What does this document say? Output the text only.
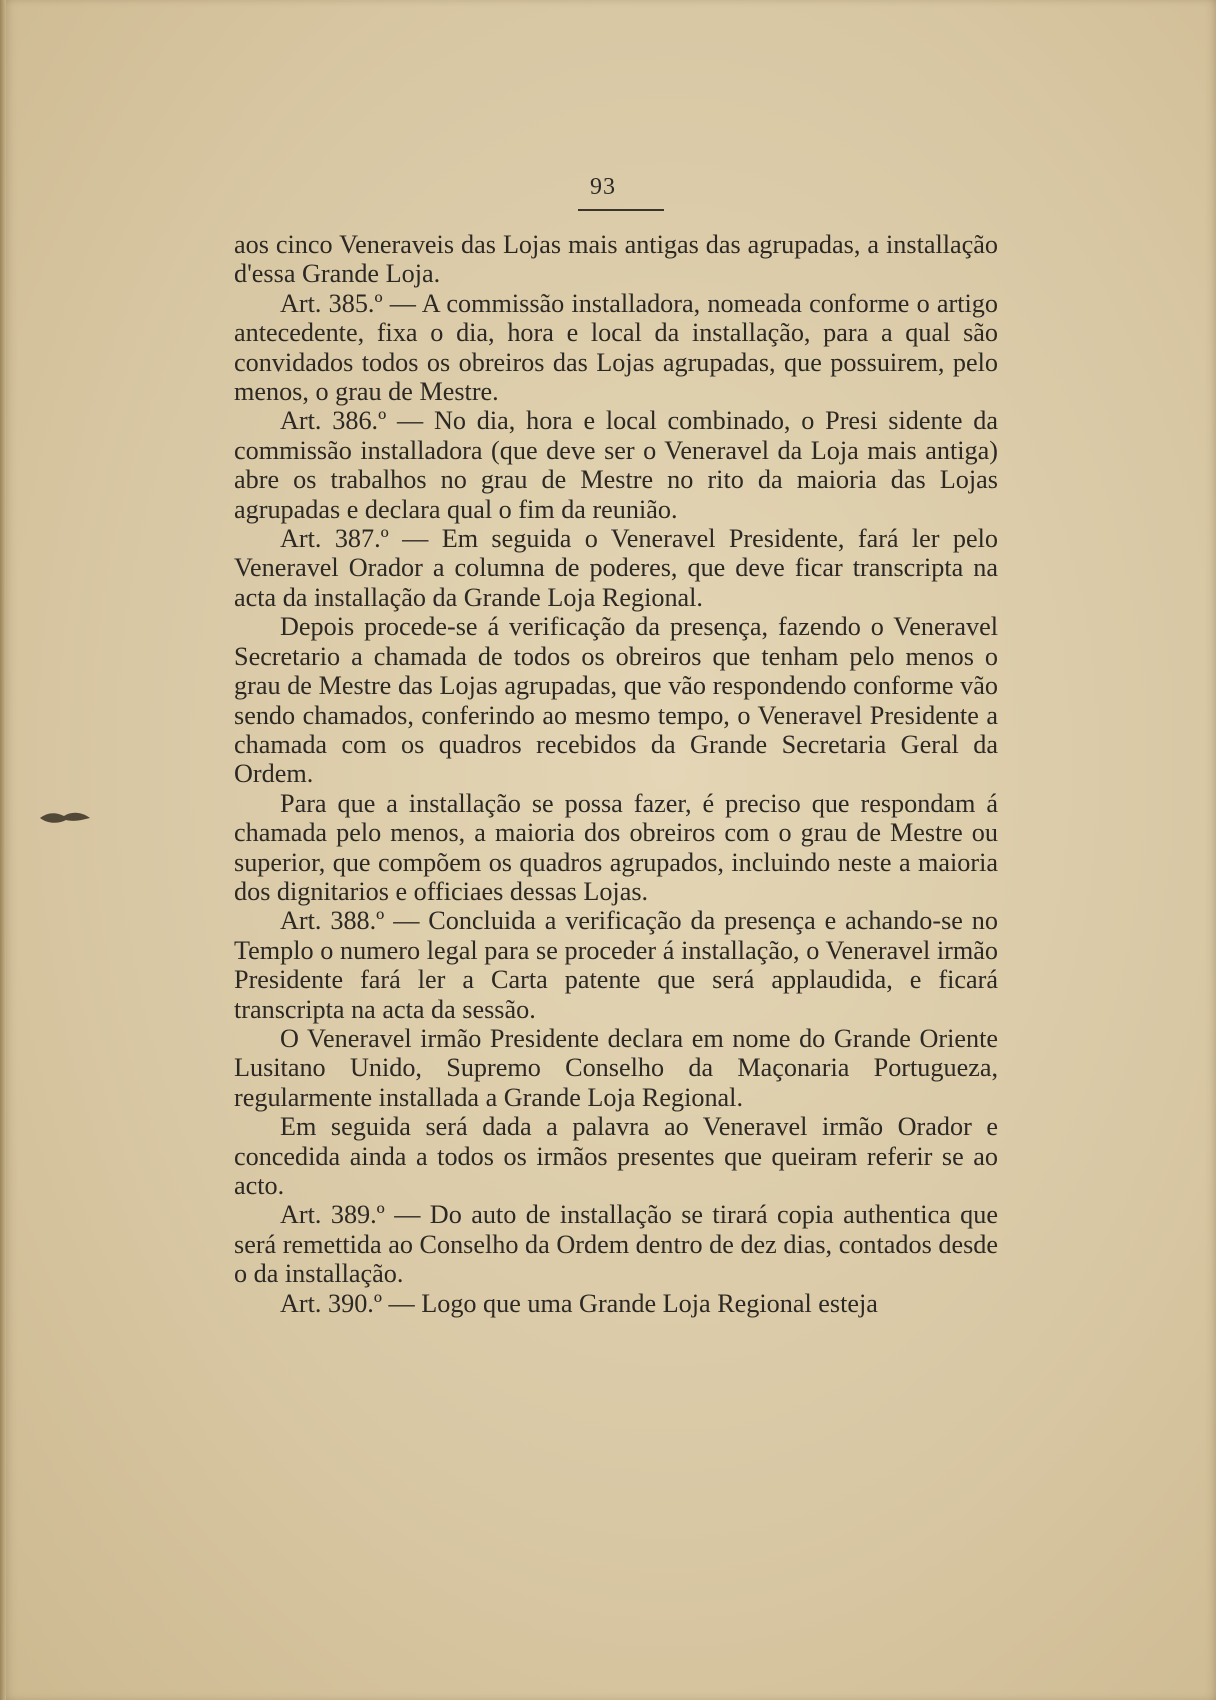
93

aos cinco Veneraveis das Lojas mais antigas das agrupadas, a installação d'essa Grande Loja.

Art. 385.º — A commissão installadora, nomeada conforme o artigo antecedente, fixa o dia, hora e local da installação, para a qual são convidados todos os obreiros das Lojas agrupadas, que possuirem, pelo menos, o grau de Mestre.

Art. 386.º — No dia, hora e local combinado, o Presi sidente da commissão installadora (que deve ser o Veneravel da Loja mais antiga) abre os trabalhos no grau de Mestre no rito da maioria das Lojas agrupadas e declara qual o fim da reunião.

Art. 387.º — Em seguida o Veneravel Presidente, fará ler pelo Veneravel Orador a columna de poderes, que deve ficar transcripta na acta da installação da Grande Loja Regional.

Depois procede-se á verificação da presença, fazendo o Veneravel Secretario a chamada de todos os obreiros que tenham pelo menos o grau de Mestre das Lojas agrupadas, que vão respondendo conforme vão sendo chamados, conferindo ao mesmo tempo, o Veneravel Presidente a chamada com os quadros recebidos da Grande Secretaria Geral da Ordem.

Para que a installação se possa fazer, é preciso que respondam á chamada pelo menos, a maioria dos obreiros com o grau de Mestre ou superior, que compõem os quadros agrupados, incluindo neste a maioria dos dignitarios e officiaes dessas Lojas.

Art. 388.º — Concluida a verificação da presença e achando-se no Templo o numero legal para se proceder á installação, o Veneravel irmão Presidente fará ler a Carta patente que será applaudida, e ficará transcripta na acta da sessão.

O Veneravel irmão Presidente declara em nome do Grande Oriente Lusitano Unido, Supremo Conselho da Maçonaria Portugueza, regularmente installada a Grande Loja Regional.

Em seguida será dada a palavra ao Veneravel irmão Orador e concedida ainda a todos os irmãos presentes que queiram referir se ao acto.

Art. 389.º — Do auto de installação se tirará copia authentica que será remettida ao Conselho da Ordem dentro de dez dias, contados desde o da installação.

Art. 390.º — Logo que uma Grande Loja Regional esteja
